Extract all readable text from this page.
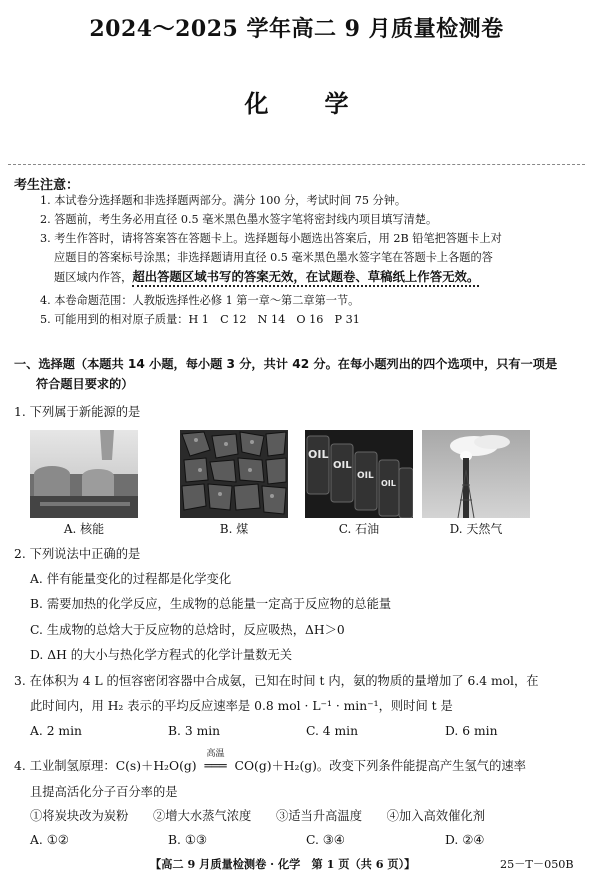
2024～2025 学年高二 9 月质量检测卷
化 学
考生注意：
1. 本试卷分选择题和非选择题两部分。满分 100 分，考试时间 75 分钟。
2. 答题前，考生务必用直径 0.5 毫米黑色墨水签字笔将密封线内项目填写清楚。
3. 考生作答时，请将答案答在答题卡上。选择题每小题选出答案后，用 2B 铅笔把答题卡上对
应题目的答案标号涂黑；非选择题请用直径 0.5 毫米黑色墨水签字笔在答题卡上各题的答
题区域内作答，超出答题区域书写的答案无效，在试题卷、草稿纸上作答无效。
4. 本卷命题范围：人教版选择性必修 1 第一章～第二章第一节。
5. 可能用到的相对原子质量：H 1　C 12　N 14　O 16　P 31
一、选择题（本题共 14 小题，每小题 3 分，共计 42 分。在每小题列出的四个选项中，只有一项是
符合题目要求的）
1. 下列属于新能源的是
A. 核能	B. 煤
OIL
OIL
OIL
OIL
C. 石油	D. 天然气
2. 下列说法中正确的是
A. 伴有能量变化的过程都是化学变化
B. 需要加热的化学反应，生成物的总能量一定高于反应物的总能量
C. 生成物的总焓大于反应物的总焓时，反应吸热，ΔH＞0
D. ΔH 的大小与热化学方程式的化学计量数无关
3. 在体积为 4 L 的恒容密闭容器中合成氨，已知在时间 t 内，氨的物质的量增加了 6.4 mol，在
此时间内，用 H₂ 表示的平均反应速率是 0.8 mol · L⁻¹ · min⁻¹，则时间 t 是
A. 2 min	B. 3 min	C. 4 min	D. 6 min
4. 工业制氢原理：C(s)＋H₂O(g)
高温
═══ CO(g)＋H₂(g)。改变下列条件能提高产生氢气的速率
且提高活化分子百分率的是
①将炭块改为炭粉　　②增大水蒸气浓度　　③适当升高温度　　④加入高效催化剂
A. ①②	B. ①③	C. ③④	D. ②④
【高二 9 月质量检测卷 · 化学　第 1 页（共 6 页）】	25－T－050B
